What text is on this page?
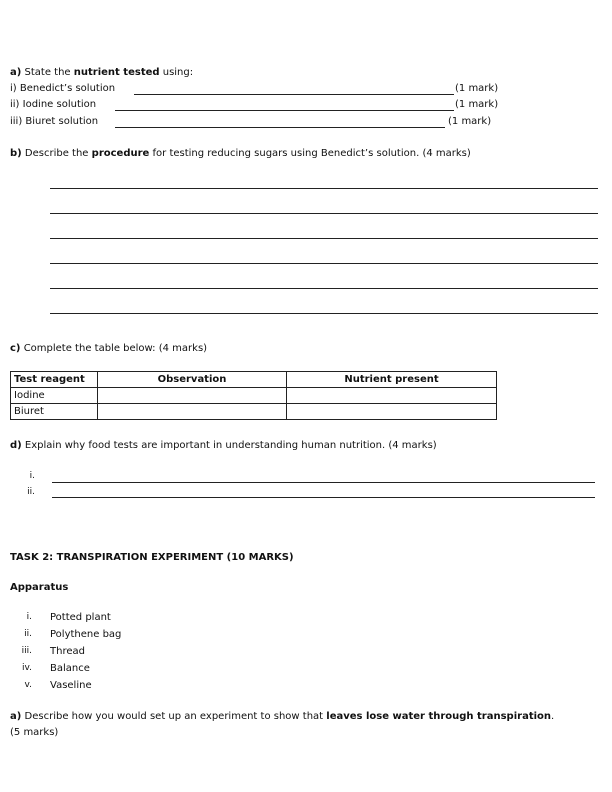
a) State the nutrient tested using:
i) Benedict’s solution	(1 mark)
ii) Iodine solution	(1 mark)
iii) Biuret solution	(1 mark)
b) Describe the procedure for testing reducing sugars using Benedict’s solution. (4 marks)
c) Complete the table below: (4 marks)
Test reagent	Observation	Nutrient present
Iodine		
Biuret		
d) Explain why food tests are important in understanding human nutrition. (4 marks)
i.
ii.
TASK 2: TRANSPIRATION EXPERIMENT (10 MARKS)
Apparatus
i. Potted plant
ii. Polythene bag
iii. Thread
iv. Balance
v. Vaseline
a) Describe how you would set up an experiment to show that leaves lose water through transpiration.
(5 marks)
